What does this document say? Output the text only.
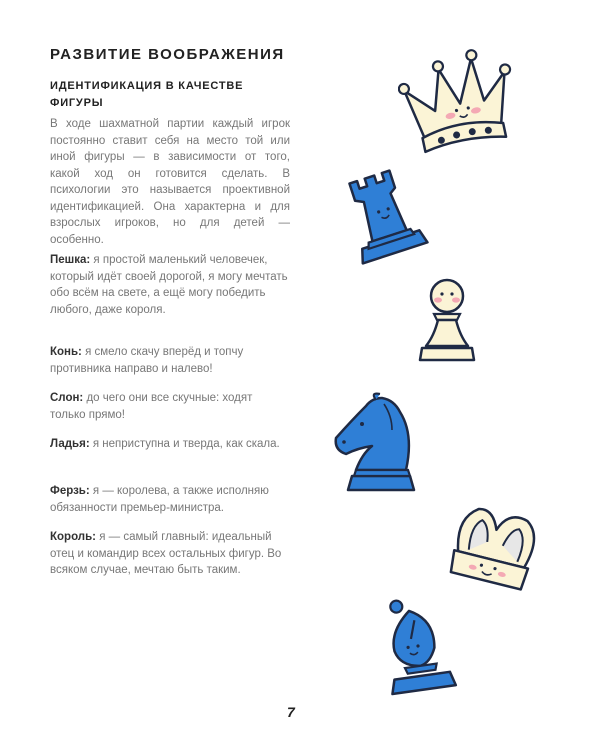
РАЗВИТИЕ ВООБРАЖЕНИЯ
ИДЕНТИФИКАЦИЯ В КАЧЕСТВЕ ФИГУРЫ

В ходе шахматной партии каждый игрок постоянно ставит себя на место той или иной фигуры — в зависимости от того, какой ход он готовится сделать. В психологии это называется проективной идентификацией. Она характерна и для взрослых игроков, но для детей — особенно.

Пешка: я простой маленький человечек, который идёт своей дорогой, я могу мечтать обо всём на свете, а ещё могу победить любого, даже короля.

Конь: я смело скачу вперёд и топчу противника направо и налево!

Слон: до чего они все скучные: ходят только прямо!

Ладья: я неприступна и тверда, как скала.

Ферзь: я — королева, а также исполняю обязанности премьер-министра.

Король: я — самый главный: идеальный отец и командир всех остальных фигур. Во всяком случае, мечтаю быть таким.

7
